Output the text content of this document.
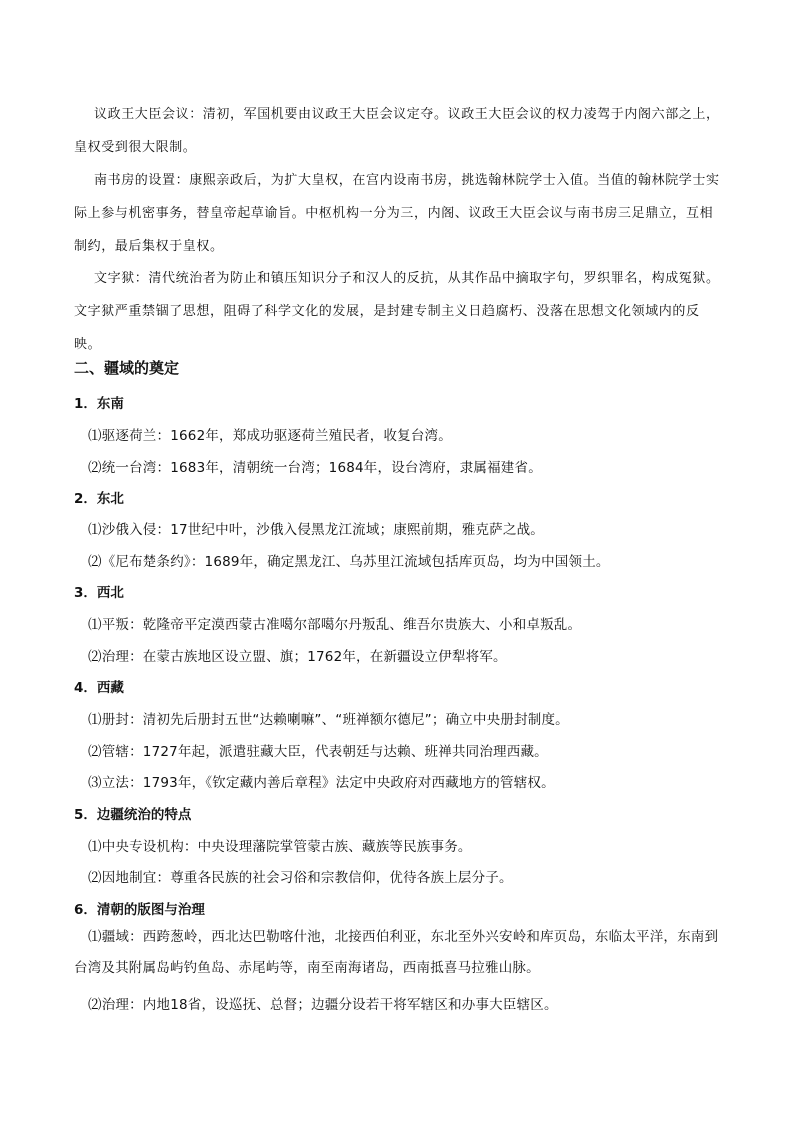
议政王大臣会议：清初，军国机要由议政王大臣会议定夺。议政王大臣会议的权力凌驾于内阁六部之上，皇权受到很大限制。

南书房的设置：康熙亲政后，为扩大皇权，在宫内设南书房，挑选翰林院学士入值。当值的翰林院学士实际上参与机密事务，替皇帝起草谕旨。中枢机构一分为三，内阁、议政王大臣会议与南书房三足鼎立，互相制约，最后集权于皇权。

文字狱：清代统治者为防止和镇压知识分子和汉人的反抗，从其作品中摘取字句，罗织罪名，构成冤狱。文字狱严重禁锢了思想，阻碍了科学文化的发展，是封建专制主义日趋腐朽、没落在思想文化领域内的反映。

二、疆域的奠定
1．东南

⑴驱逐荷兰：1662年，郑成功驱逐荷兰殖民者，收复台湾。

⑵统一台湾：1683年，清朝统一台湾；1684年，设台湾府，隶属福建省。

2．东北

⑴沙俄入侵：17世纪中叶，沙俄入侵黑龙江流域；康熙前期，雅克萨之战。

⑵《尼布楚条约》：1689年，确定黑龙江、乌苏里江流域包括库页岛，均为中国领土。

3．西北

⑴平叛：乾隆帝平定漠西蒙古准噶尔部噶尔丹叛乱、维吾尔贵族大、小和卓叛乱。

⑵治理：在蒙古族地区设立盟、旗；1762年，在新疆设立伊犁将军。

4．西藏

⑴册封：清初先后册封五世“达赖喇嘛”、“班禅额尔德尼”；确立中央册封制度。

⑵管辖：1727年起，派遣驻藏大臣，代表朝廷与达赖、班禅共同治理西藏。

⑶立法：1793年，《钦定藏内善后章程》法定中央政府对西藏地方的管辖权。

5．边疆统治的特点

⑴中央专设机构：中央设理藩院掌管蒙古族、藏族等民族事务。

⑵因地制宜：尊重各民族的社会习俗和宗教信仰，优待各族上层分子。

6．清朝的版图与治理

⑴疆域：西跨葱岭，西北达巴勒喀什池，北接西伯利亚，东北至外兴安岭和库页岛，东临太平洋，东南到台湾及其附属岛屿钓鱼岛、赤尾屿等，南至南海诸岛，西南抵喜马拉雅山脉。

⑵治理：内地18省，设巡抚、总督；边疆分设若干将军辖区和办事大臣辖区。
